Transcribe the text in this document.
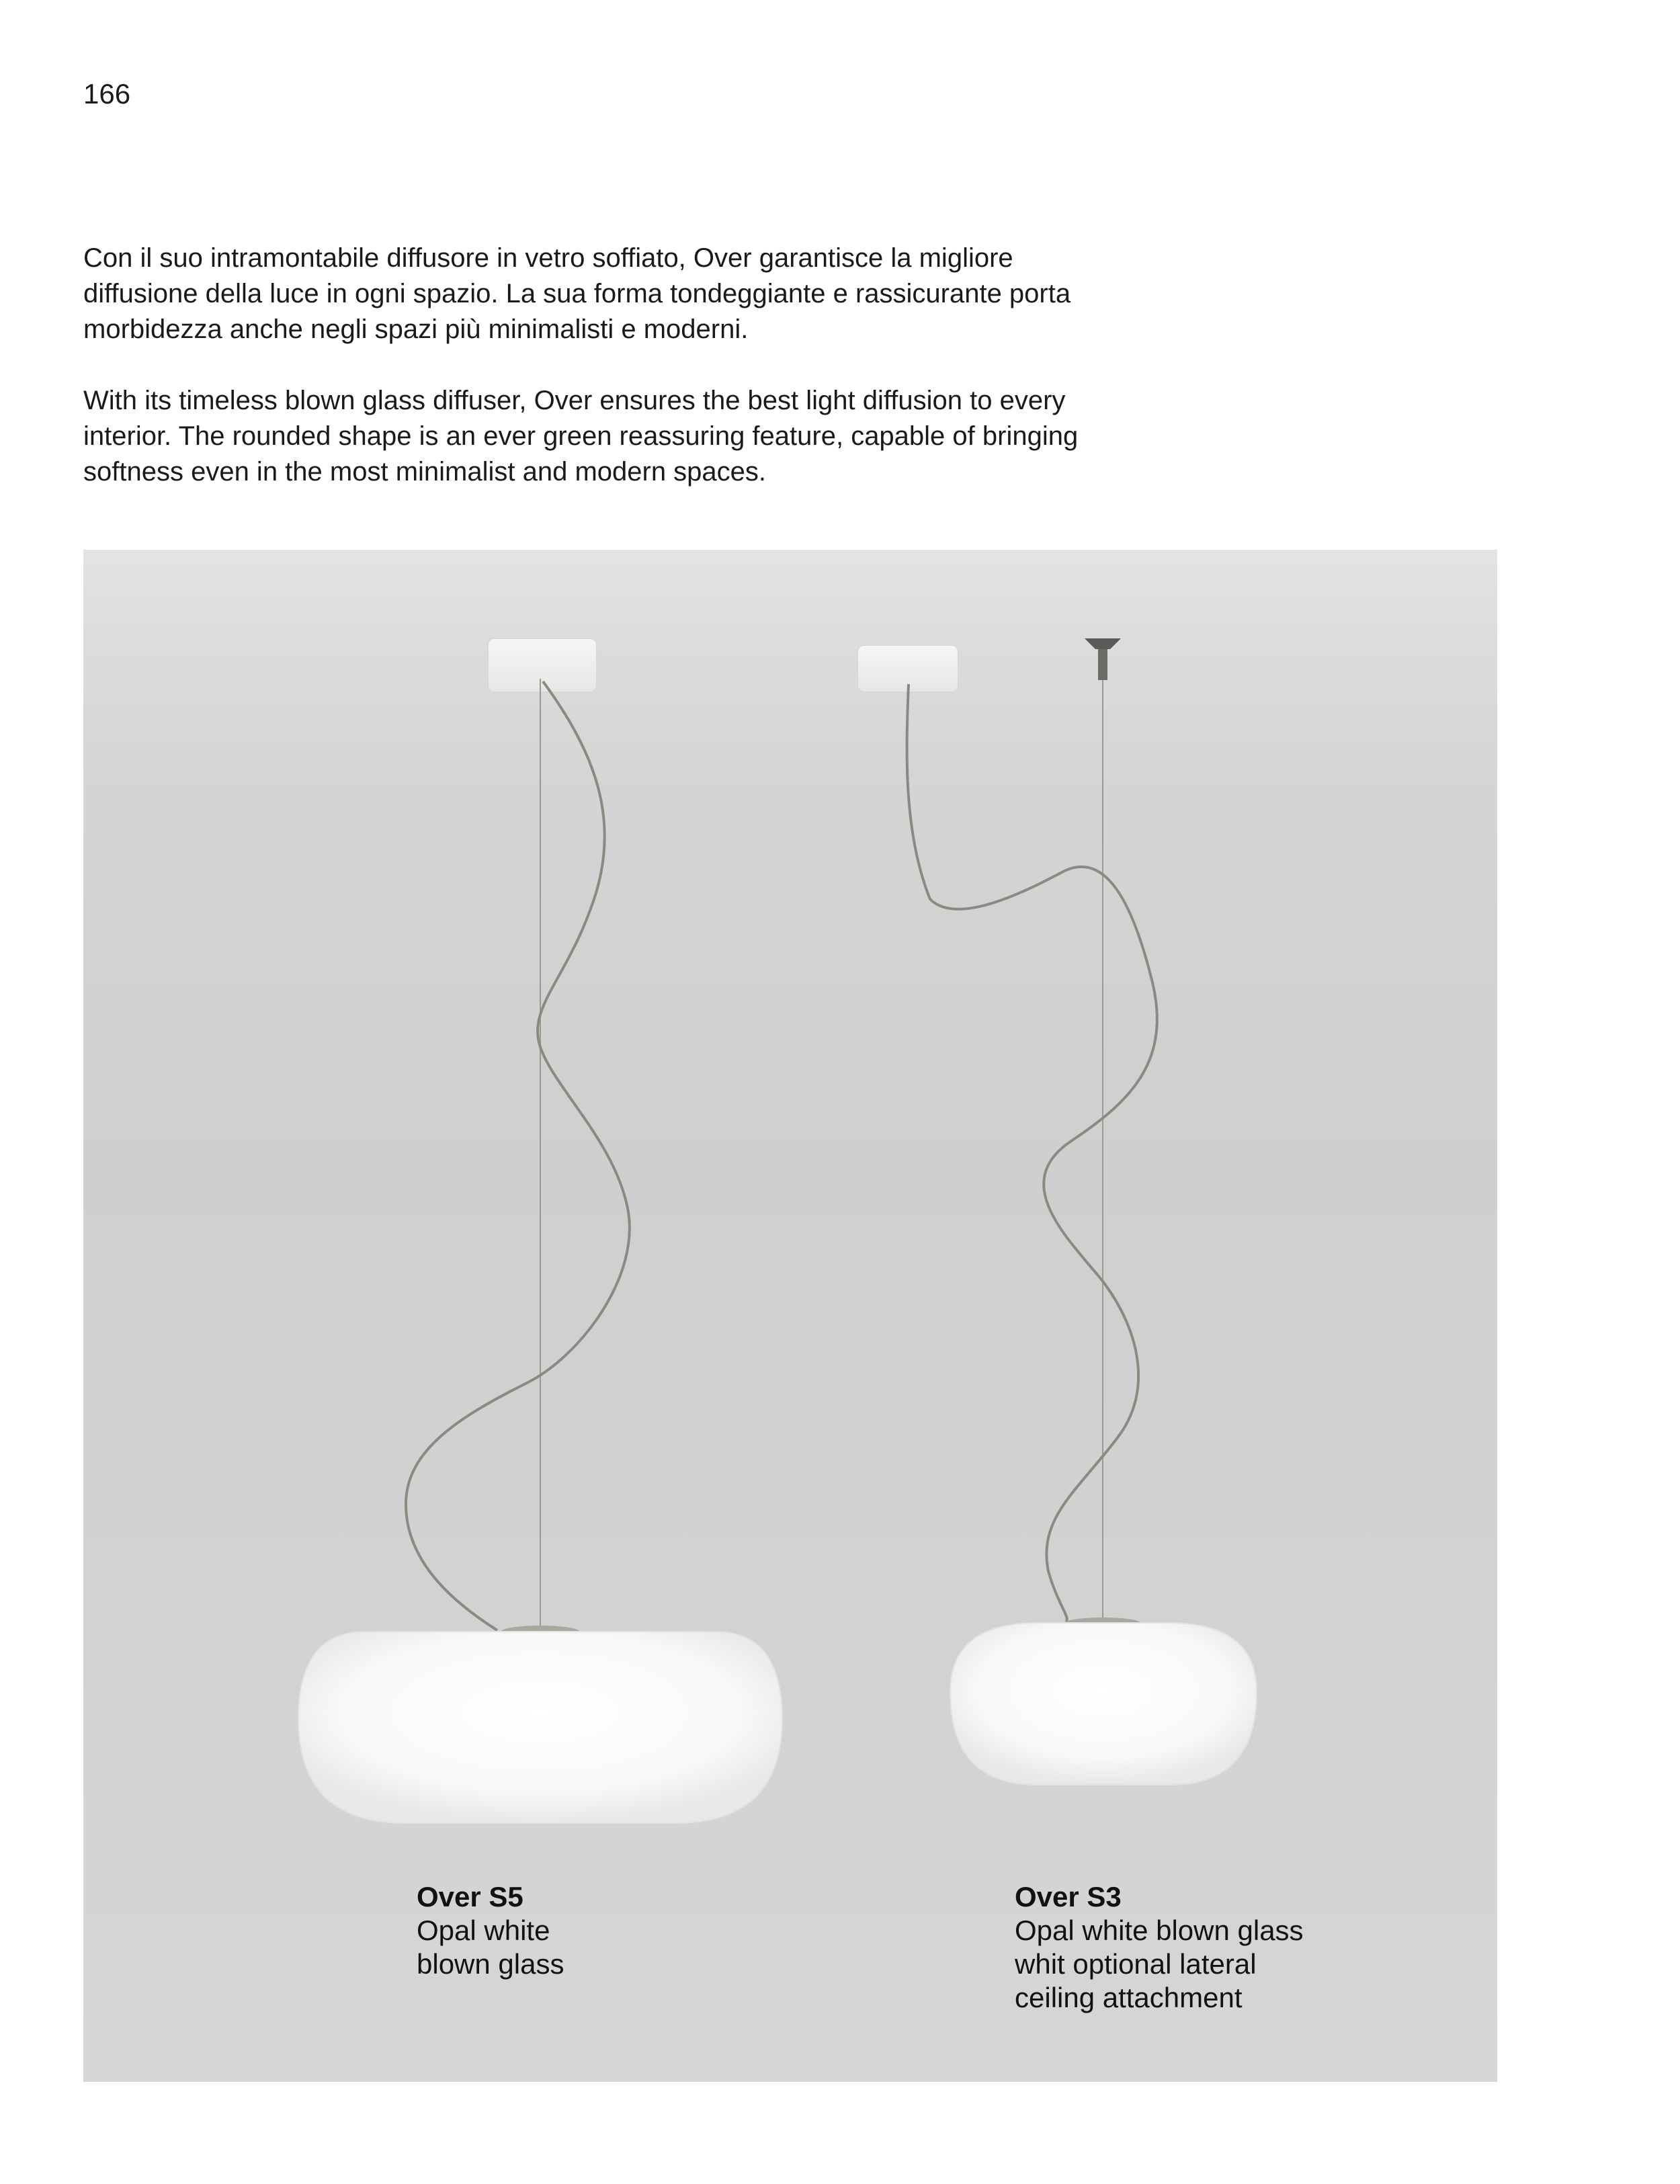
166

Con il suo intramontabile diffusore in vetro soffiato, Over garantisce la migliore diffusione della luce in ogni spazio. La sua forma tondeggiante e rassicurante porta morbidezza anche negli spazi più minimalisti e moderni.

With its timeless blown glass diffuser, Over ensures the best light diffusion to every interior. The rounded shape is an ever green reassuring feature, capable of bringing softness even in the most minimalist and modern spaces.

Over S5
Opal white
blown glass
Over S3
Opal white blown glass
whit optional lateral
ceiling attachment
